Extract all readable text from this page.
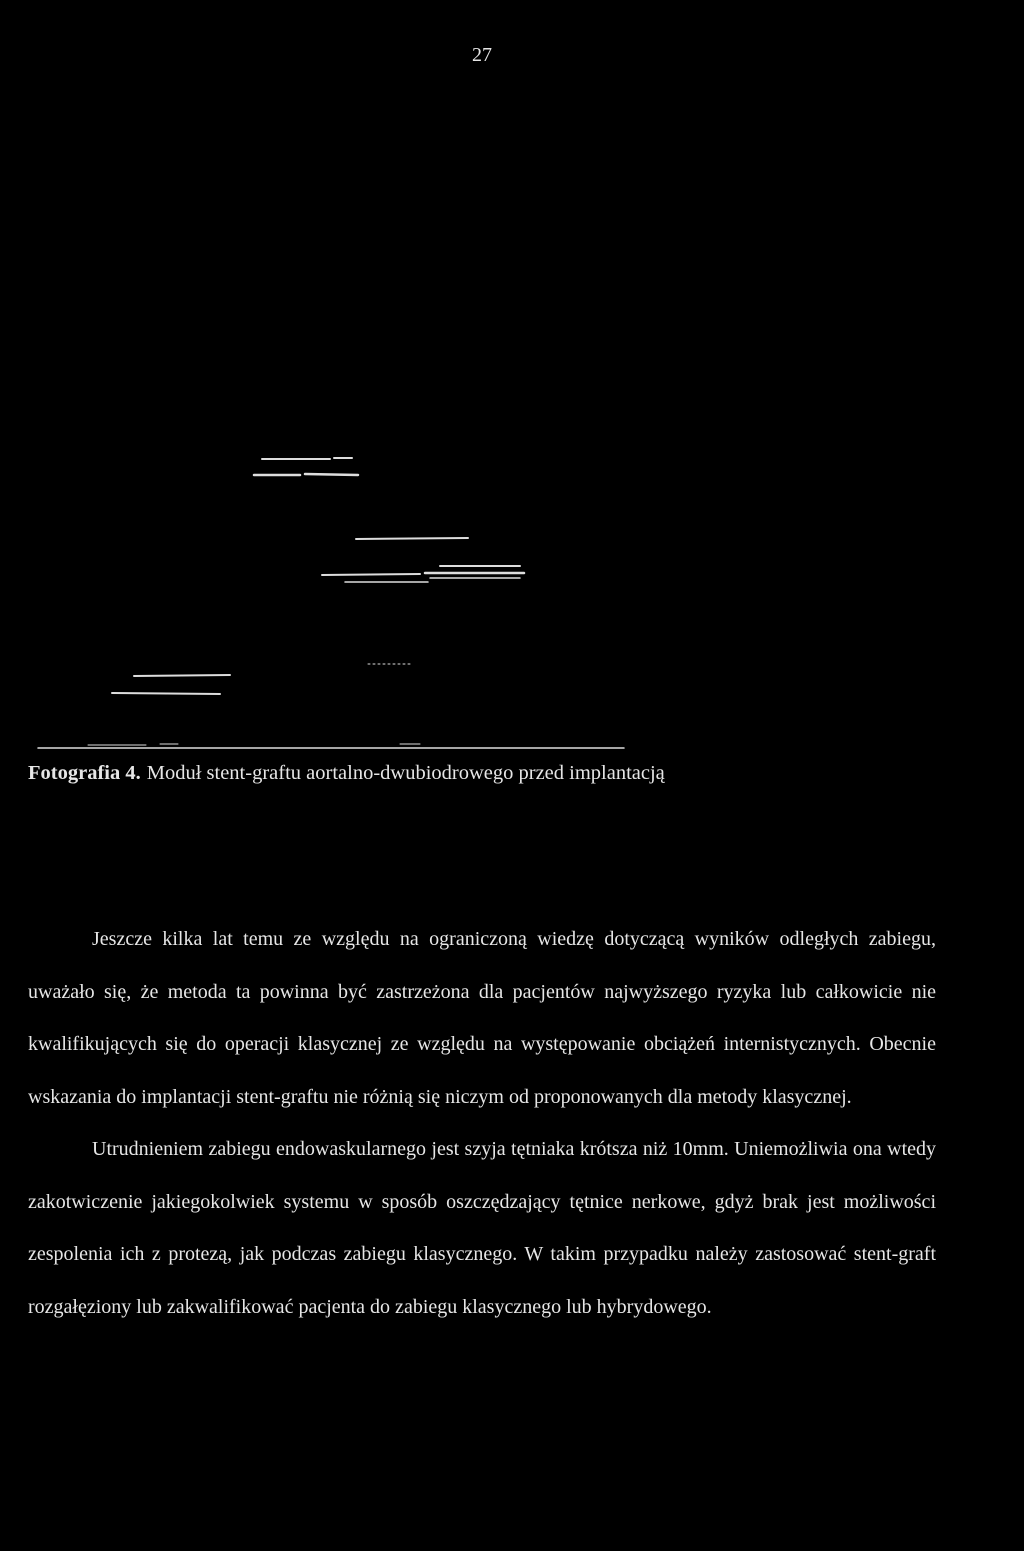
27
Fotografia 4. Moduł stent-graftu aortalno-dwubiodrowego przed implantacją

Jeszcze kilka lat temu ze względu na ograniczoną wiedzę dotyczącą wyników odległych zabiegu, uważało się, że metoda ta powinna być zastrzeżona dla pacjentów najwyższego ryzyka lub całkowicie nie kwalifikujących się do operacji klasycznej ze względu na występowanie obciążeń internistycznych. Obecnie wskazania do implantacji stent-graftu nie różnią się niczym od proponowanych dla metody klasycznej.

Utrudnieniem zabiegu endowaskularnego jest szyja tętniaka krótsza niż 10mm. Uniemożliwia ona wtedy zakotwiczenie jakiegokolwiek systemu w sposób oszczędzający tętnice nerkowe, gdyż brak jest możliwości zespolenia ich z protezą, jak podczas zabiegu klasycznego. W takim przypadku należy zastosować stent-graft rozgałęziony lub zakwalifikować pacjenta do zabiegu klasycznego lub hybrydowego.
